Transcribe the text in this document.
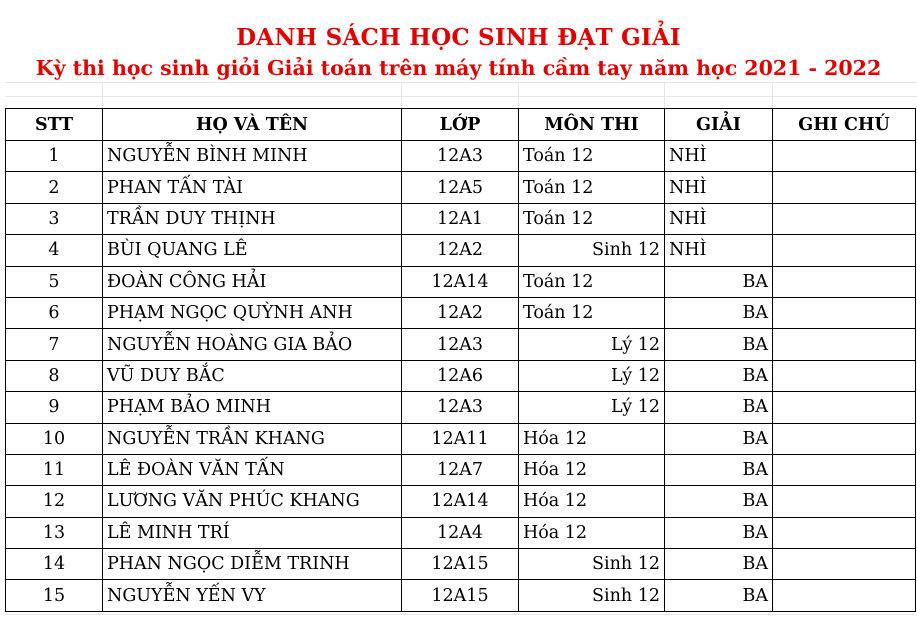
DANH SÁCH HỌC SINH ĐẠT GIẢI
Kỳ thi học sinh giỏi Giải toán trên máy tính cầm tay năm học 2021 - 2022
STT	HỌ VÀ TÊN	LỚP	MÔN THI	GIẢI	GHI CHÚ
1	NGUYỄN BÌNH MINH	12A3	Toán 12	NHÌ	
2	PHAN TẤN TÀI	12A5	Toán 12	NHÌ	
3	TRẦN DUY THỊNH	12A1	Toán 12	NHÌ	
4	BÙI QUANG LÊ	12A2	Sinh 12	NHÌ	
5	ĐOÀN CÔNG HẢI	12A14	Toán 12	BA	
6	PHẠM NGỌC QUỲNH ANH	12A2	Toán 12	BA	
7	NGUYỄN HOÀNG GIA BẢO	12A3	Lý 12	BA	
8	VŨ DUY BẮC	12A6	Lý 12	BA	
9	PHẠM BẢO MINH	12A3	Lý 12	BA	
10	NGUYỄN TRẦN KHANG	12A11	Hóa 12	BA	
11	LÊ ĐOÀN VĂN TẤN	12A7	Hóa 12	BA	
12	LƯƠNG VĂN PHÚC KHANG	12A14	Hóa 12	BA	
13	LÊ MINH TRÍ	12A4	Hóa 12	BA	
14	PHAN NGỌC DIỄM TRINH	12A15	Sinh 12	BA	
15	NGUYỄN YẾN VY	12A15	Sinh 12	BA	
